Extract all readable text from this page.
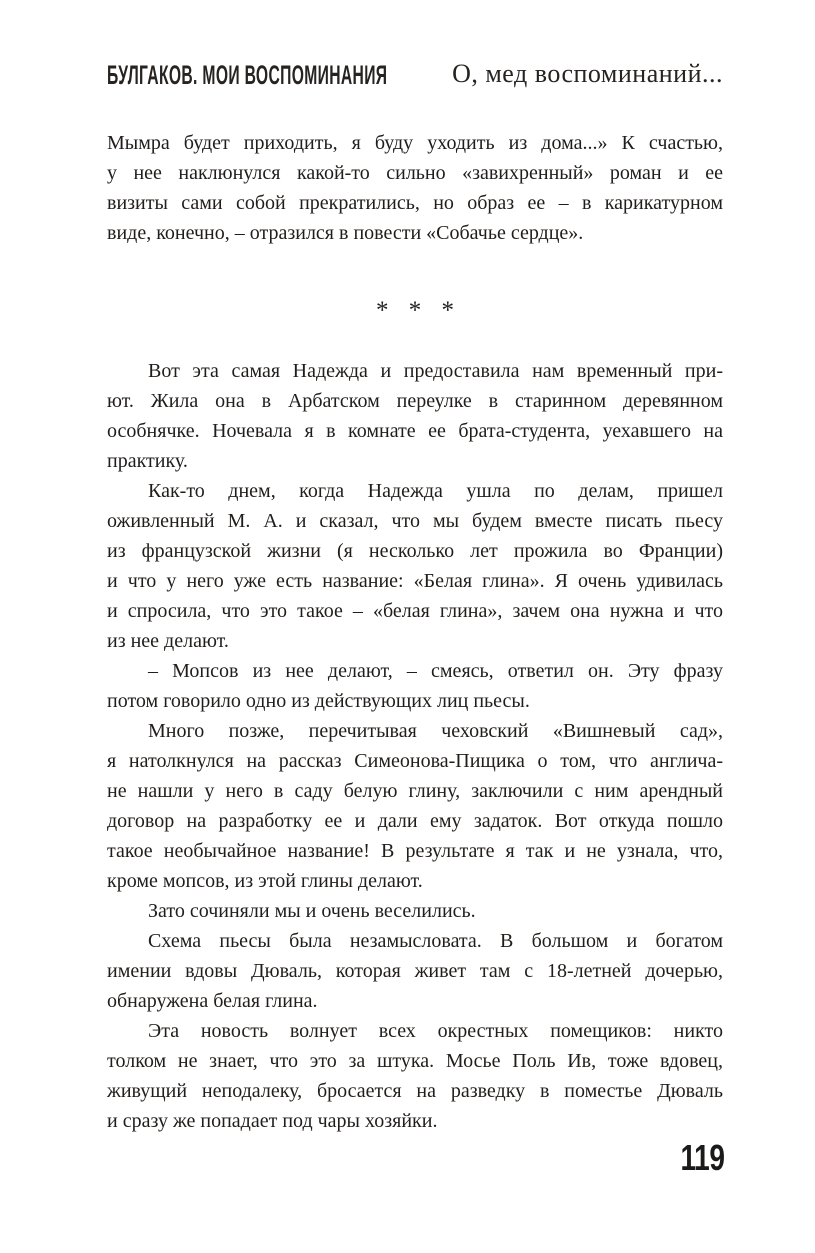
БУЛГАКОВ. МОИ ВОСПОМИНАНИЯ О, мед воспоминаний...
Мымра будет приходить, я буду уходить из дома...» К счастью,
у нее наклюнулся какой-то сильно «завихренный» роман и ее
визиты сами собой прекратились, но образ ее – в карикатурном
виде, конечно, – отразился в повести «Собачье сердце».
* * *
Вот эта самая Надежда и предоставила нам временный при-
ют. Жила она в Арбатском переулке в старинном деревянном
особнячке. Ночевала я в комнате ее брата-студента, уехавшего на
практику.
Как-то днем, когда Надежда ушла по делам, пришел
оживленный М. А. и сказал, что мы будем вместе писать пьесу
из французской жизни (я несколько лет прожила во Франции)
и что у него уже есть название: «Белая глина». Я очень удивилась
и спросила, что это такое – «белая глина», зачем она нужна и что
из нее делают.
– Мопсов из нее делают, – смеясь, ответил он. Эту фразу
потом говорило одно из действующих лиц пьесы.
Много позже, перечитывая чеховский «Вишневый сад»,
я натолкнулся на рассказ Симеонова-Пищика о том, что англича-
не нашли у него в саду белую глину, заключили с ним арендный
договор на разработку ее и дали ему задаток. Вот откуда пошло
такое необычайное название! В результате я так и не узнала, что,
кроме мопсов, из этой глины делают.
Зато сочиняли мы и очень веселились.
Схема пьесы была незамысловата. В большом и богатом
имении вдовы Дюваль, которая живет там с 18-летней дочерью,
обнаружена белая глина.
Эта новость волнует всех окрестных помещиков: никто
толком не знает, что это за штука. Мосье Поль Ив, тоже вдовец,
живущий неподалеку, бросается на разведку в поместье Дюваль
и сразу же попадает под чары хозяйки.
119
